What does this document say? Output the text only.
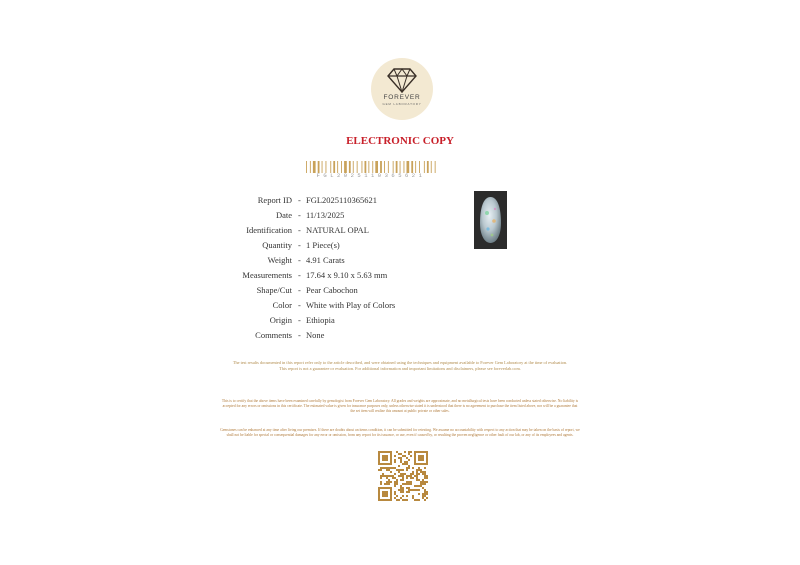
FOREVER
GEM LABORATORY
ELECTRONIC COPY
FGL2025110365621
Report ID - FGL2025110365621
Date - 11/13/2025
Identification - NATURAL OPAL
Quantity - 1 Piece(s)
Weight - 4.91 Carats
Measurements - 17.64 x 9.10 x 5.63 mm
Shape/Cut - Pear Cabochon
Color - White with Play of Colors
Origin - Ethiopia
Comments - None
The test results documented in this report refer only to the article described, and were obtained using the techniques and equipment available to Forever Gem Laboratory at the time of evaluation. This report is not a guarantee or evaluation. For additional information and important limitations and disclaimers, please see foreverlab.com.
This is to certify that the above items have been examined carefully by gemologist from Forever Gem Laboratory. All grades and weights are approximate, and no metallurgical tests have been conducted unless stated otherwise. No liability is accepted for any errors or omissions in this certificate. The estimated value is given for insurance purposes only, unless otherwise stated it is understood that there is no agreement to purchase the item listed above, nor will be a guarantee that the set item will realize this amount at public private or other sales.
Gemstones can be enhanced at any time after living our premises. If there are doubts about an items condition, it can be submitted for retesting. We assume no accountability with respect to any action that may be taken on the basis of report, we shall not be liable for special or consequential damages for any error or omission, from any report for its issuance, or use, even if caused by, or resulting the proven negligence or other fault of our lab, or any of its employees and agents.
